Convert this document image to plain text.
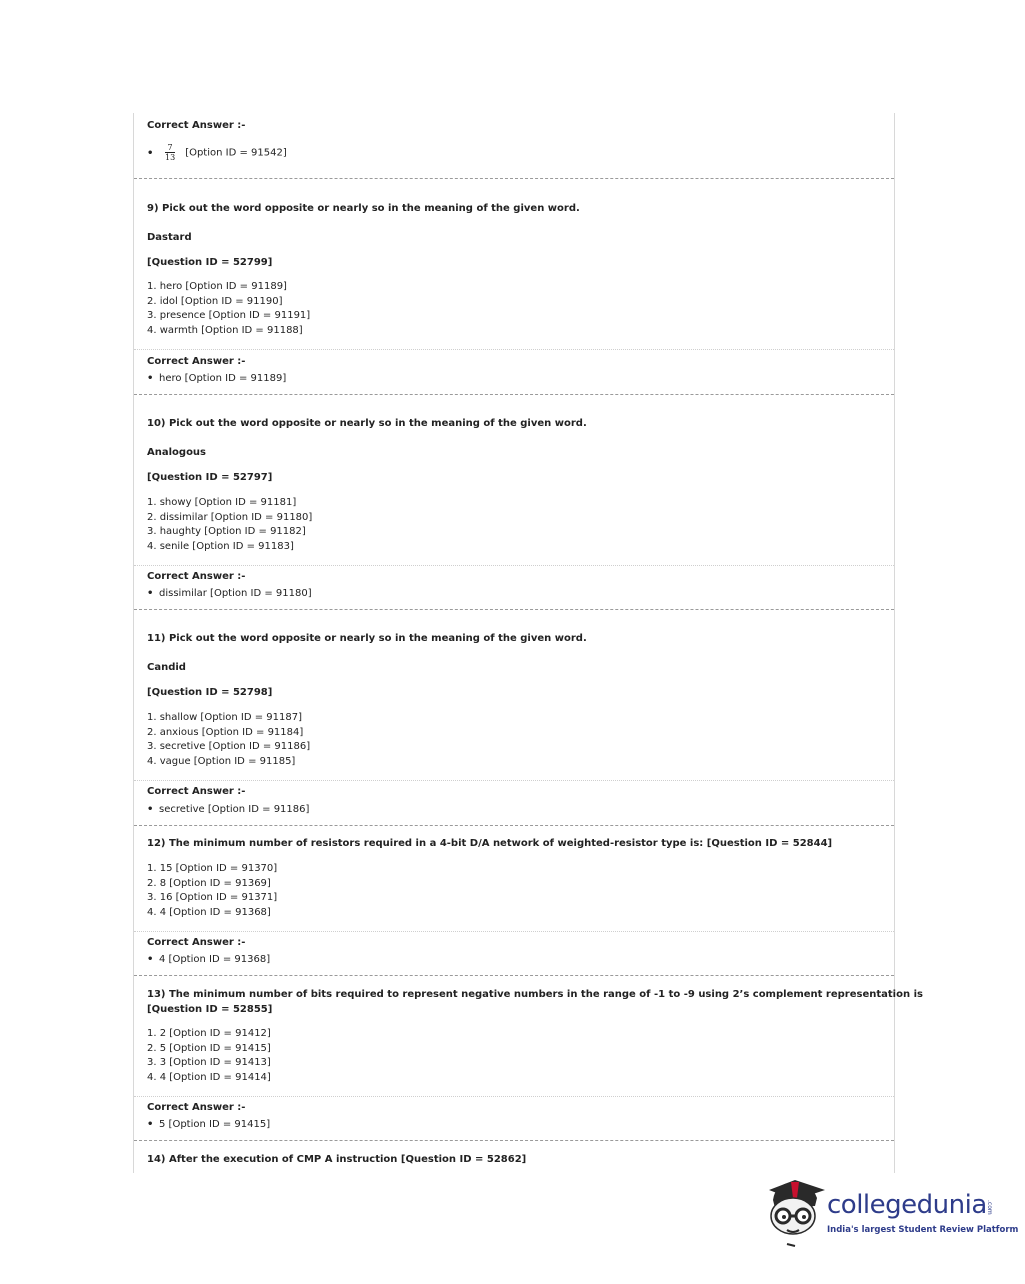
Correct Answer :-
• $\frac{7}{13}$ [Option ID = 91542]
9) Pick out the word opposite or nearly so in the meaning of the given word.
Dastard
[Question ID = 52799]
1. hero [Option ID = 91189]
2. idol [Option ID = 91190]
3. presence [Option ID = 91191]
4. warmth [Option ID = 91188]
Correct Answer :-
• hero [Option ID = 91189]
10) Pick out the word opposite or nearly so in the meaning of the given word.
Analogous
[Question ID = 52797]
1. showy [Option ID = 91181]
2. dissimilar [Option ID = 91180]
3. haughty [Option ID = 91182]
4. senile [Option ID = 91183]
Correct Answer :-
• dissimilar [Option ID = 91180]
11) Pick out the word opposite or nearly so in the meaning of the given word.
Candid
[Question ID = 52798]
1. shallow [Option ID = 91187]
2. anxious [Option ID = 91184]
3. secretive [Option ID = 91186]
4. vague [Option ID = 91185]
Correct Answer :-
• secretive [Option ID = 91186]
12) The minimum number of resistors required in a 4-bit D/A network of weighted-resistor type is: [Question ID = 52844]
1. 15 [Option ID = 91370]
2. 8 [Option ID = 91369]
3. 16 [Option ID = 91371]
4. 4 [Option ID = 91368]
Correct Answer :-
• 4 [Option ID = 91368]
13) The minimum number of bits required to represent negative numbers in the range of -1 to -9 using 2’s complement representation is
[Question ID = 52855]
1. 2 [Option ID = 91412]
2. 5 [Option ID = 91415]
3. 3 [Option ID = 91413]
4. 4 [Option ID = 91414]
Correct Answer :-
• 5 [Option ID = 91415]
14) After the execution of CMP A instruction [Question ID = 52862]
collegedunia .com
India's largest Student Review Platform
